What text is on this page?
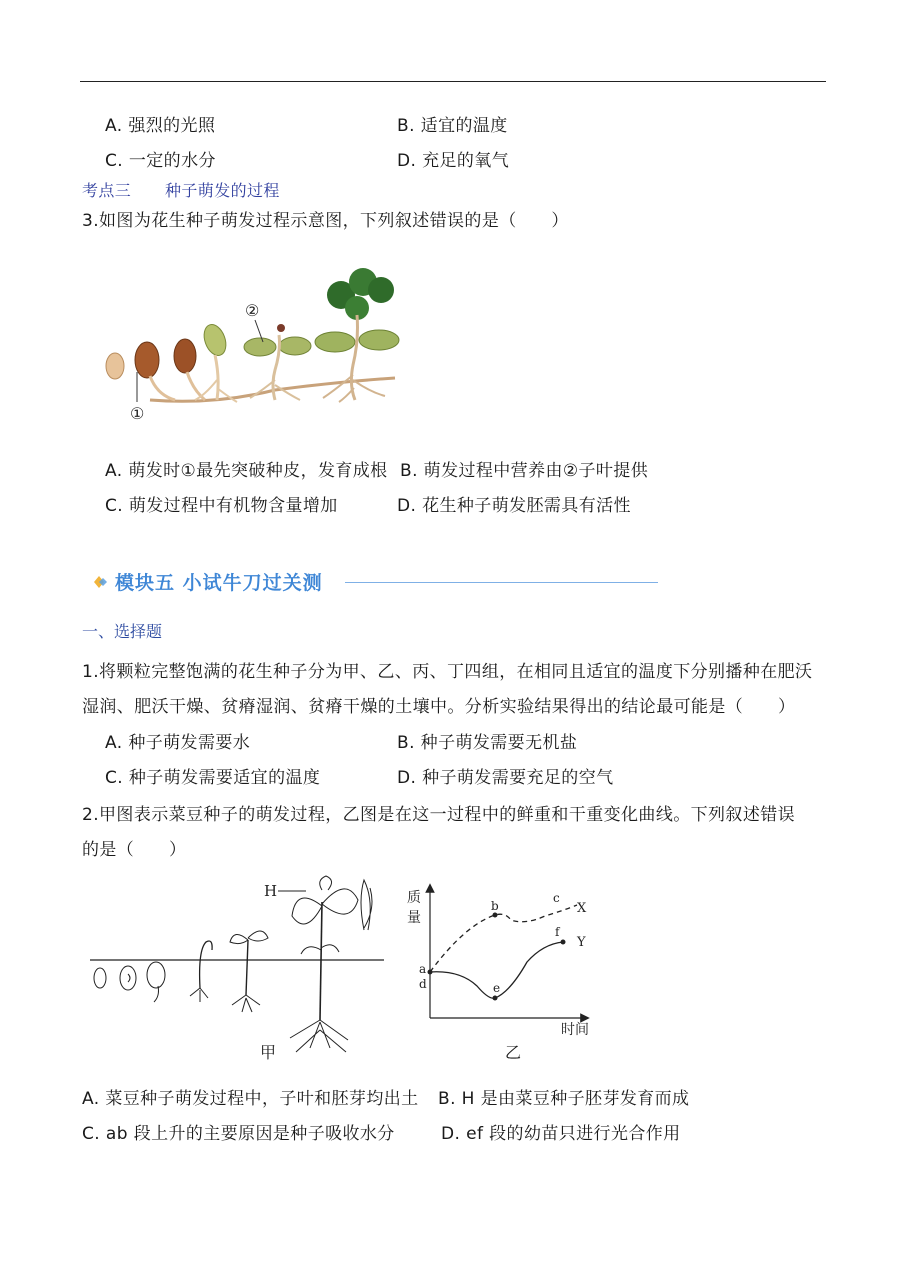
A. 强烈的光照	B. 适宜的温度
C. 一定的水分	D. 充足的氧气
考点三 种子萌发的过程
3.如图为花生种子萌发过程示意图，下列叙述错误的是（　　）
①
②
A. 萌发时①最先突破种皮，发育成根 B. 萌发过程中营养由②子叶提供
C. 萌发过程中有机物含量增加	D. 花生种子萌发胚需具有活性
模块五 小试牛刀过关测
一、选择题
1.将颗粒完整饱满的花生种子分为甲、乙、丙、丁四组，在相同且适宜的温度下分别播种在肥沃
湿润、肥沃干燥、贫瘠湿润、贫瘠干燥的土壤中。分析实验结果得出的结论最可能是（　　）
A. 种子萌发需要水	B. 种子萌发需要无机盐
C. 种子萌发需要适宜的温度	D. 种子萌发需要充足的空气
2.甲图表示菜豆种子的萌发过程，乙图是在这一过程中的鲜重和干重变化曲线。下列叙述错误
的是（　　）
H
甲
质
量
时间
a
d
b
c
e
f
X
Y
乙
A. 菜豆种子萌发过程中，子叶和胚芽均出土 B. H 是由菜豆种子胚芽发育而成
C. ab 段上升的主要原因是种子吸收水分	D. ef 段的幼苗只进行光合作用
